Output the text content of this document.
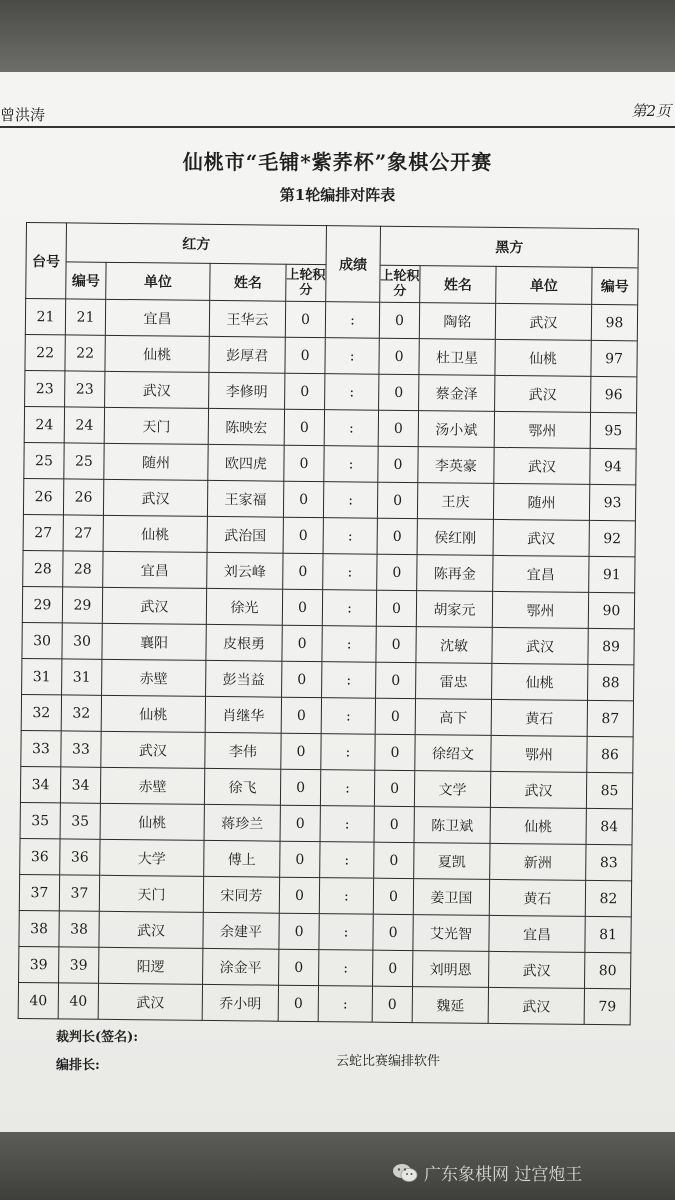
曾洪涛	第2页
仙桃市“毛铺*紫荞杯”象棋公开赛
第1轮编排对阵表
台号	红方				成绩	黑方			
	编号	单位	姓名	上轮积分		上轮积分	姓名	单位	编号
21	21	宜昌	王华云	0	:	0	陶铭	武汉	98
22	22	仙桃	彭厚君	0	:	0	杜卫星	仙桃	97
23	23	武汉	李修明	0	:	0	蔡金泽	武汉	96
24	24	天门	陈映宏	0	:	0	汤小斌	鄂州	95
25	25	随州	欧四虎	0	:	0	李英豪	武汉	94
26	26	武汉	王家福	0	:	0	王庆	随州	93
27	27	仙桃	武治国	0	:	0	侯红刚	武汉	92
28	28	宜昌	刘云峰	0	:	0	陈再金	宜昌	91
29	29	武汉	徐光	0	:	0	胡家元	鄂州	90
30	30	襄阳	皮根勇	0	:	0	沈敏	武汉	89
31	31	赤壁	彭当益	0	:	0	雷忠	仙桃	88
32	32	仙桃	肖继华	0	:	0	高下	黄石	87
33	33	武汉	李伟	0	:	0	徐绍文	鄂州	86
34	34	赤壁	徐飞	0	:	0	文学	武汉	85
35	35	仙桃	蒋珍兰	0	:	0	陈卫斌	仙桃	84
36	36	大学	傅上	0	:	0	夏凯	新洲	83
37	37	天门	宋同芳	0	:	0	姜卫国	黄石	82
38	38	武汉	余建平	0	:	0	艾光智	宜昌	81
39	39	阳逻	涂金平	0	:	0	刘明恩	武汉	80
40	40	武汉	乔小明	0	:	0	魏延	武汉	79
裁判长(签名):
编排长:	云蛇比赛编排软件
广东象棋网 过宫炮王
